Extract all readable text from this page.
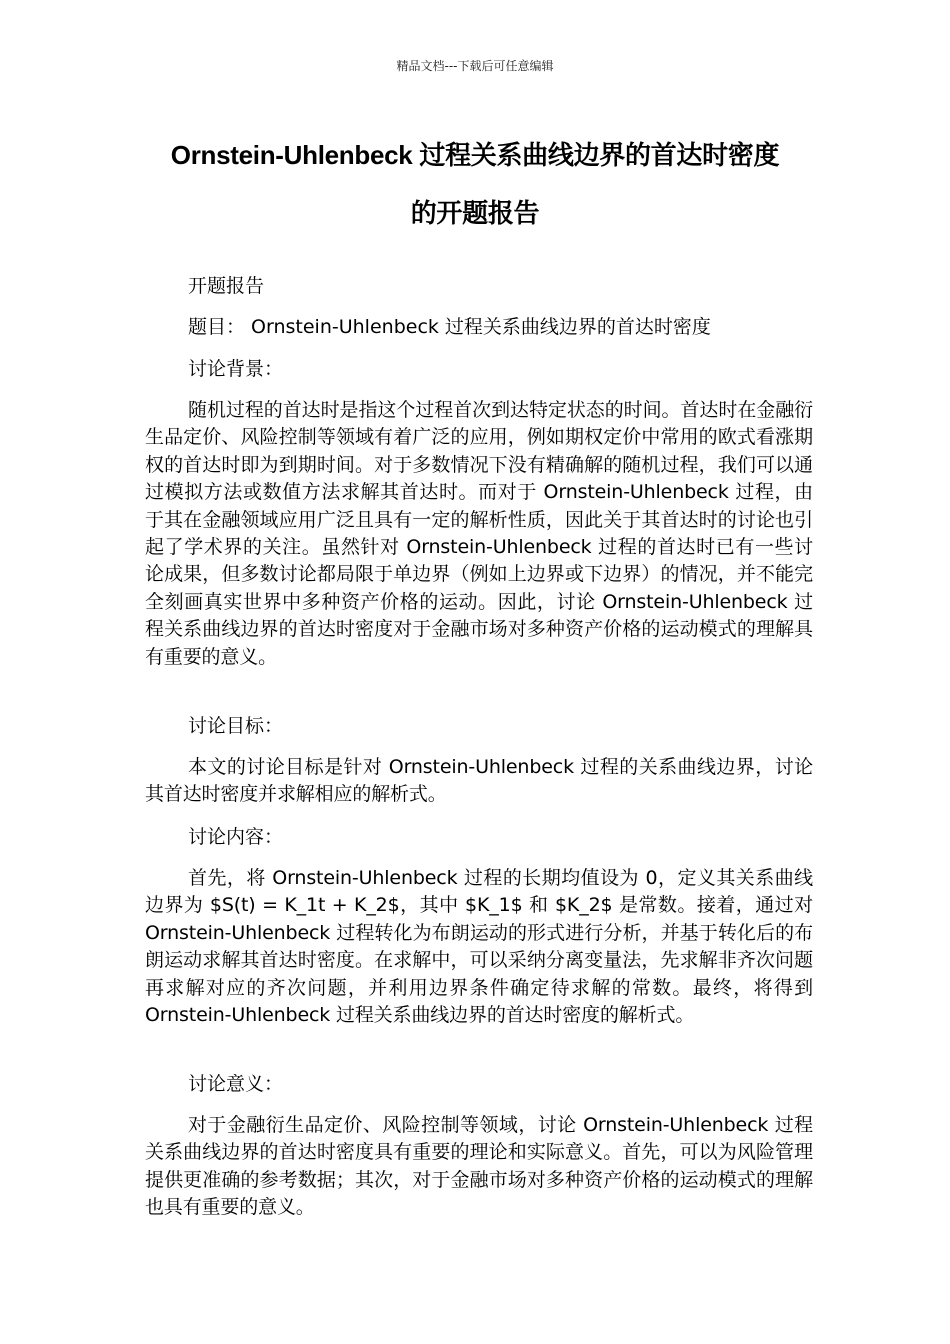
精品文档---下载后可任意编辑
Ornstein-Uhlenbeck 过程关系曲线边界的首达时密度
的开题报告
开题报告
题目： Ornstein-Uhlenbeck 过程关系曲线边界的首达时密度
讨论背景：
随机过程的首达时是指这个过程首次到达特定状态的时间。首达时在金融衍生品定价、风险控制等领域有着广泛的应用，例如期权定价中常用的欧式看涨期权的首达时即为到期时间。对于多数情况下没有精确解的随机过程，我们可以通过模拟方法或数值方法求解其首达时。而对于 Ornstein-Uhlenbeck 过程，由于其在金融领域应用广泛且具有一定的解析性质，因此关于其首达时的讨论也引起了学术界的关注。虽然针对 Ornstein-Uhlenbeck 过程的首达时已有一些讨论成果，但多数讨论都局限于单边界（例如上边界或下边界）的情况，并不能完全刻画真实世界中多种资产价格的运动。因此，讨论 Ornstein-Uhlenbeck 过程关系曲线边界的首达时密度对于金融市场对多种资产价格的运动模式的理解具有重要的意义。
讨论目标：
本文的讨论目标是针对 Ornstein-Uhlenbeck 过程的关系曲线边界，讨论其首达时密度并求解相应的解析式。
讨论内容：
首先，将 Ornstein-Uhlenbeck 过程的长期均值设为 0，定义其关系曲线边界为 $S(t) = K_1t + K_2$，其中 $K_1$ 和 $K_2$ 是常数。接着，通过对 Ornstein-Uhlenbeck 过程转化为布朗运动的形式进行分析，并基于转化后的布朗运动求解其首达时密度。在求解中，可以采纳分离变量法，先求解非齐次问题再求解对应的齐次问题，并利用边界条件确定待求解的常数。最终，将得到 Ornstein-Uhlenbeck 过程关系曲线边界的首达时密度的解析式。
讨论意义：
对于金融衍生品定价、风险控制等领域，讨论 Ornstein-Uhlenbeck 过程关系曲线边界的首达时密度具有重要的理论和实际意义。首先，可以为风险管理提供更准确的参考数据；其次，对于金融市场对多种资产价格的运动模式的理解也具有重要的意义。
